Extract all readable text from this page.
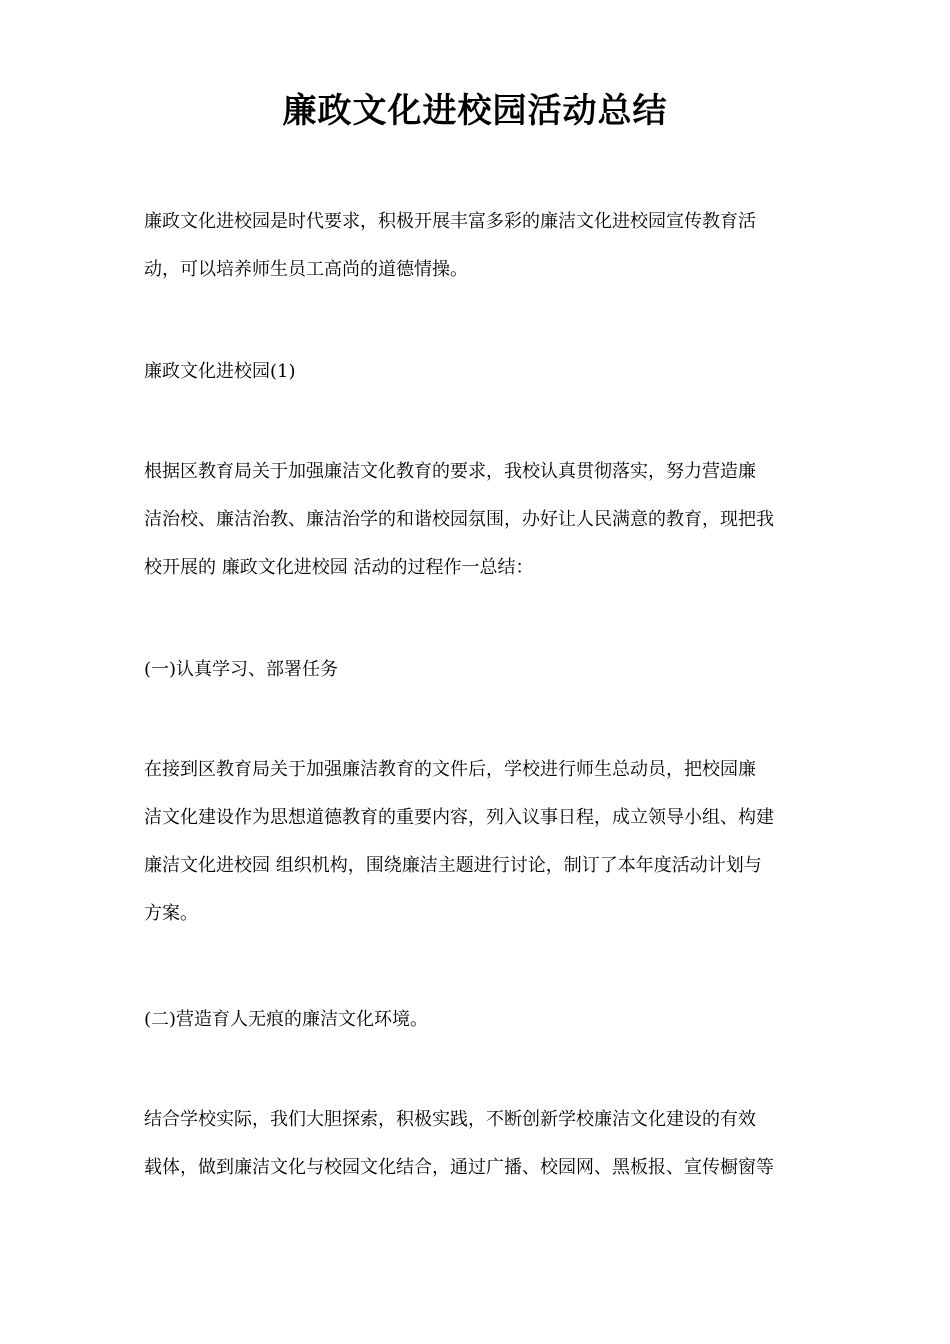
廉政文化进校园活动总结
廉政文化进校园是时代要求，积极开展丰富多彩的廉洁文化进校园宣传教育活
动，可以培养师生员工高尚的道德情操。
廉政文化进校园(1)
根据区教育局关于加强廉洁文化教育的要求，我校认真贯彻落实，努力营造廉
洁治校、廉洁治教、廉洁治学的和谐校园氛围，办好让人民满意的教育，现把我
校开展的 廉政文化进校园 活动的过程作一总结：
(一)认真学习、部署任务
在接到区教育局关于加强廉洁教育的文件后，学校进行师生总动员，把校园廉
洁文化建设作为思想道德教育的重要内容，列入议事日程，成立领导小组、构建
廉洁文化进校园 组织机构，围绕廉洁主题进行讨论，制订了本年度活动计划与
方案。
(二)营造育人无痕的廉洁文化环境。
结合学校实际，我们大胆探索，积极实践，不断创新学校廉洁文化建设的有效
载体，做到廉洁文化与校园文化结合，通过广播、校园网、黑板报、宣传橱窗等
